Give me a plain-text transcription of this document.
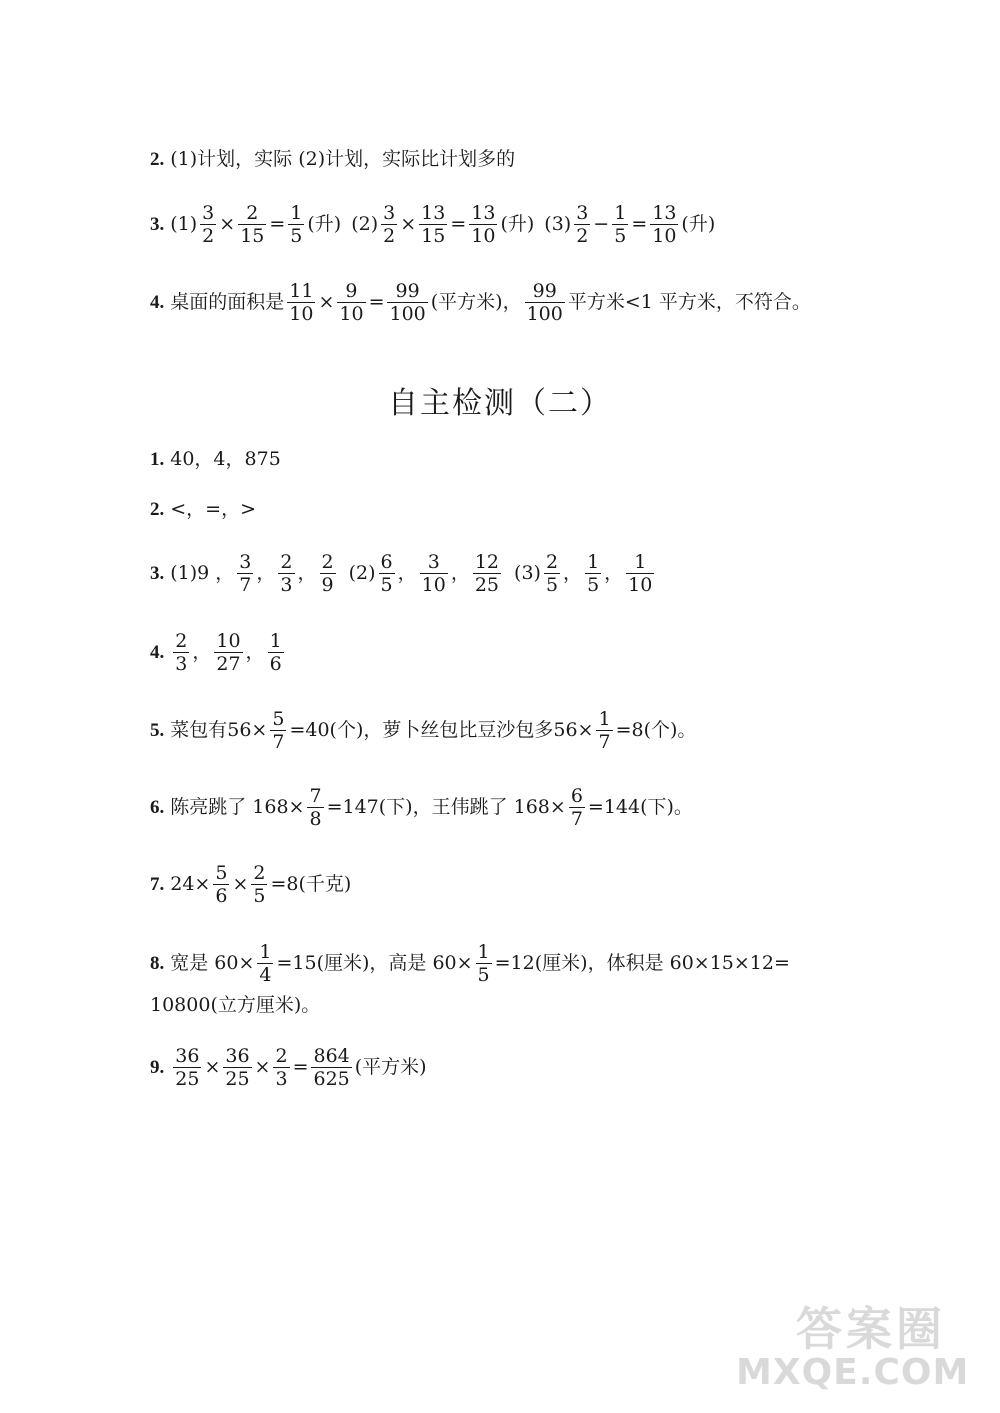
2. (1)计划，实际 (2)计划，实际比计划多的
3. $(1) \frac{3}{2} \times \frac{2}{15} = \frac{1}{5}$ (升) $(2) \frac{3}{2} \times \frac{13}{15} = \frac{13}{10}$ (升) $(3) \frac{3}{2} - \frac{1}{5} = \frac{13}{10}$ (升)
4. 桌面的面积是 $\frac{11}{10} \times \frac{9}{10} = \frac{99}{100}$ (平方米)， $\frac{99}{100}$ 平方米<1 平方米，不符合。
自主检测（二）
1. 40，4，875
2. <，=，>
3. (1)9 ， $\frac{3}{7}$ ， $\frac{2}{3}$ ， $\frac{2}{9} (2) \frac{6}{5}$ ， $\frac{3}{10}$ ， $\frac{12}{25} (3) \frac{2}{5}$ ， $\frac{1}{5}$ ， $\frac{1}{10}$
4. $\frac{2}{3}$ ， $\frac{10}{27}$ ， $\frac{1}{6}$
5. 菜包有$56\times \frac{5}{7} =40$(个)，萝卜丝包比豆沙包多$56\times \frac{1}{7} =8$(个)。
6. 陈亮跳了 $168\times \frac{7}{8} =147$(下)，王伟跳了 $168\times \frac{6}{7} =144$(下)。
7. $24\times \frac{5}{6} \times \frac{2}{5} =8$(千克)
8. 宽是 $60\times \frac{1}{4} =15$(厘米)，高是 $60\times \frac{1}{5} =12$(厘米)，体积是 60×15×12=
10800(立方厘米)。
9. $\frac{36}{25} \times \frac{36}{25} \times \frac{2}{3} = \frac{864}{625}$ (平方米)
答案圈
MXQE.COM
